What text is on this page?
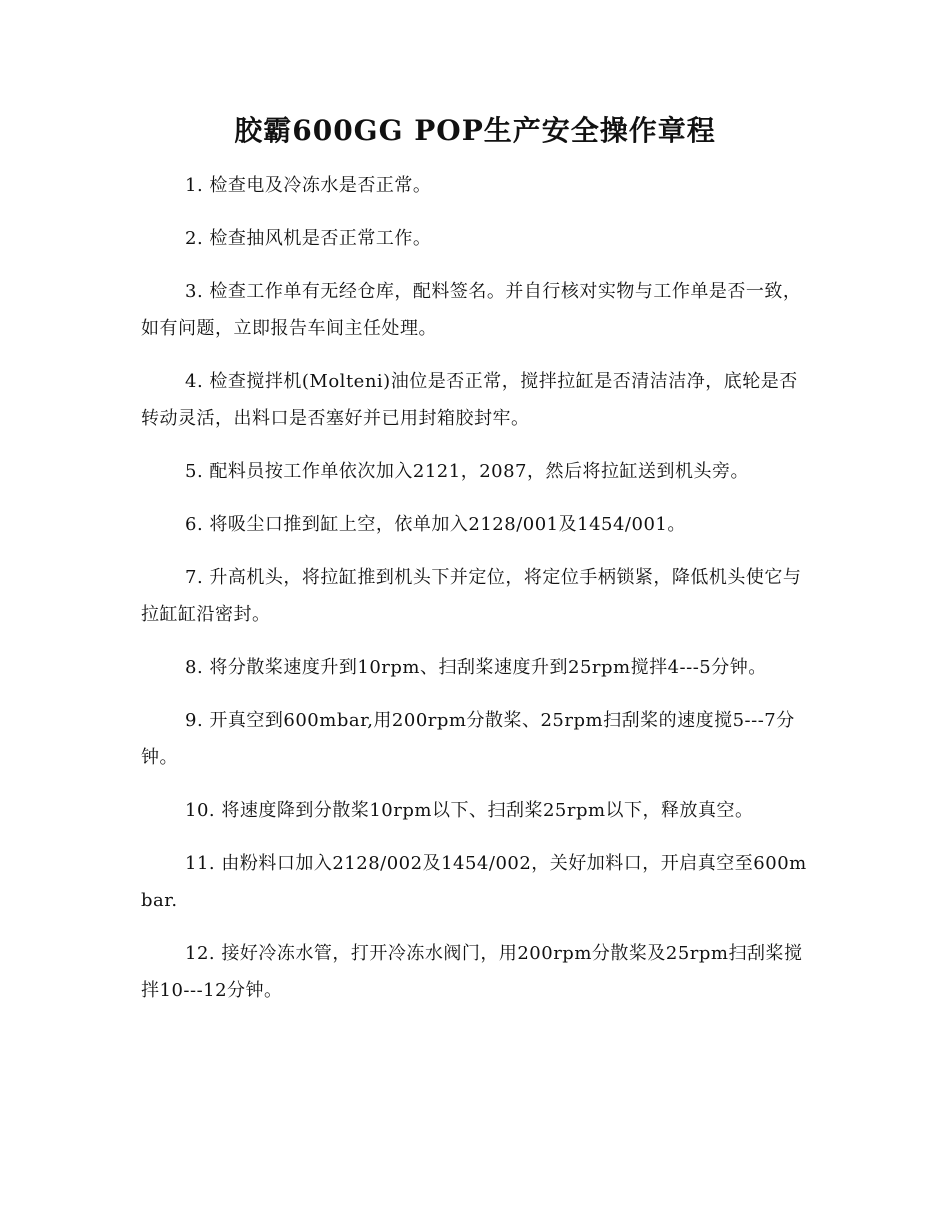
胶霸600GG POP生产安全操作章程

1. 检查电及冷冻水是否正常。

2. 检查抽风机是否正常工作。

3. 检查工作单有无经仓库，配料签名。并自行核对实物与工作单是否一致，如有问题，立即报告车间主任处理。

4. 检查搅拌机(Molteni)油位是否正常，搅拌拉缸是否清洁洁净，底轮是否转动灵活，出料口是否塞好并已用封箱胶封牢。

5. 配料员按工作单依次加入2121，2087，然后将拉缸送到机头旁。

6. 将吸尘口推到缸上空，依单加入2128/001及1454/001。

7. 升高机头，将拉缸推到机头下并定位，将定位手柄锁紧，降低机头使它与拉缸缸沿密封。

8. 将分散桨速度升到10rpm、扫刮桨速度升到25rpm搅拌4---5分钟。

9. 开真空到600mbar,用200rpm分散桨、25rpm扫刮桨的速度搅5---7分钟。

10. 将速度降到分散桨10rpm以下、扫刮桨25rpm以下，释放真空。

11. 由粉料口加入2128/002及1454/002，关好加料口，开启真空至600mbar.

12. 接好冷冻水管，打开冷冻水阀门，用200rpm分散桨及25rpm扫刮桨搅拌10---12分钟。
